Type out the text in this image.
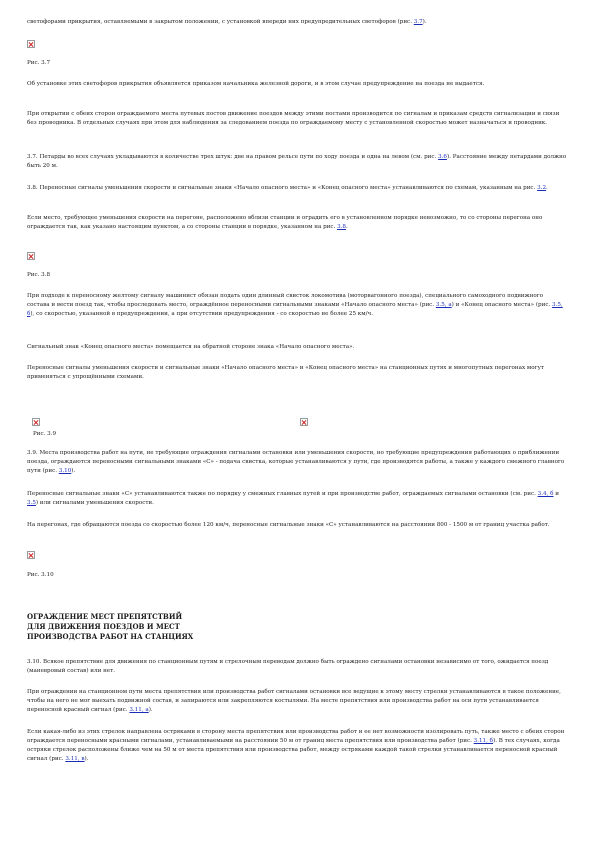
светофорами прикрытия, оставляемыми в закрытом положении, с установкой впереди них предупредительных светофоров (рис. 3.7).
Рис. 3.7
Об установке этих светофоров прикрытия объявляется приказом начальника железной дороги, и в этом случае предупреждение на поезда не выдается.
При открытии с обеих сторон ограждаемого места путевых постов движение поездов между этими постами производится по сигналам и приказам средств сигнализации и связи без проводника. В отдельных случаях при этом для наблюдения за следованием поезда по ограждаемому месту с установленной скоростью может назначаться и проводник.
3.7. Петарды во всех случаях укладываются в количестве трех штук: две на правом рельсе пути по ходу поезда и одна на левом (см. рис. 3.6). Расстояние между петардами должно быть 20 м.
3.8. Переносные сигналы уменьшения скорости и сигнальные знаки «Начало опасного места» и «Конец опасного места» устанавливаются по схемам, указанным на рис. 3.2.
Если место, требующее уменьшения скорости на перегоне, расположено вблизи станции и оградить его в установленном порядке невозможно, то со стороны перегона оно ограждается так, как указано настоящим пунктом, а со стороны станции в порядке, указанном на рис. 3.8.
Рис. 3.8
При подходе к переносному желтому сигналу машинист обязан подать один длинный свисток локомотива (моторвагонного поезда), специального самоходного подвижного состава и вести поезд так, чтобы проследовать место, ограждённое переносными сигнальными знаками «Начало опасного места» (рис. 3.5, а) и «Конец опасного места» (рис. 3.5, б), со скоростью, указанной в предупреждении, а при отсутствии предупреждения - со скоростью не более 25 км/ч.
Сигнальный знак «Конец опасного места» помещается на обратной стороне знака «Начало опасного места».
Переносные сигналы уменьшения скорости и сигнальные знаки «Начало опасного места» и «Конец опасного места» на станционных путях и многопутных перегонах могут применяться с упрощёнными схемами.
Рис. 3.9
3.9. Места производства работ на пути, не требующие ограждения сигналами остановки или уменьшения скорости, но требующие предупреждения работающих о приближении поезда, ограждаются переносными сигнальными знаками «С» - подача свистка, которые устанавливаются у пути, где производятся работы, а также у каждого смежного главного пути (рис. 3.10).
Переносные сигнальные знаки «С» устанавливаются также по порядку у смежных главных путей и при производстве работ, ограждаемых сигналами остановки (см. рис. 3.4, б и 3.5) или сигналами уменьшения скорости.
На перегонах, где обращаются поезда со скоростью более 120 км/ч, переносные сигнальные знаки «С» устанавливаются на расстоянии 800 - 1500 м от границ участка работ.
Рис. 3.10
ОГРАЖДЕНИЕ МЕСТ ПРЕПЯТСТВИЙ
ДЛЯ ДВИЖЕНИЯ ПОЕЗДОВ И МЕСТ
ПРОИЗВОДСТВА РАБОТ НА СТАНЦИЯХ
3.10. Всякое препятствие для движения по станционным путям и стрелочным переводам должно быть ограждено сигналами остановки независимо от того, ожидается поезд (маневровый состав) или нет.
При ограждении на станционном пути места препятствия или производства работ сигналами остановки все ведущие к этому месту стрелки устанавливаются в такое положение, чтобы на него не мог выехать подвижной состав, и запираются или закрепляются костылями. На месте препятствия или производства работ на оси пути устанавливается переносной красный сигнал (рис. 3.11, а).
Если какая-либо из этих стрелок направлена остряками в сторону места препятствия или производства работ и ее нет возможности изолировать путь, также место с обеих сторон ограждается переносными красными сигналами, устанавливаемыми на расстоянии 50 м от границ места препятствия или производства работ (рис. 3.11, б). В тех случаях, когда остряки стрелок расположены ближе чем на 50 м от места препятствия или производства работ, между остряками каждой такой стрелки устанавливается переносной красный сигнал (рис. 3.11, в).
